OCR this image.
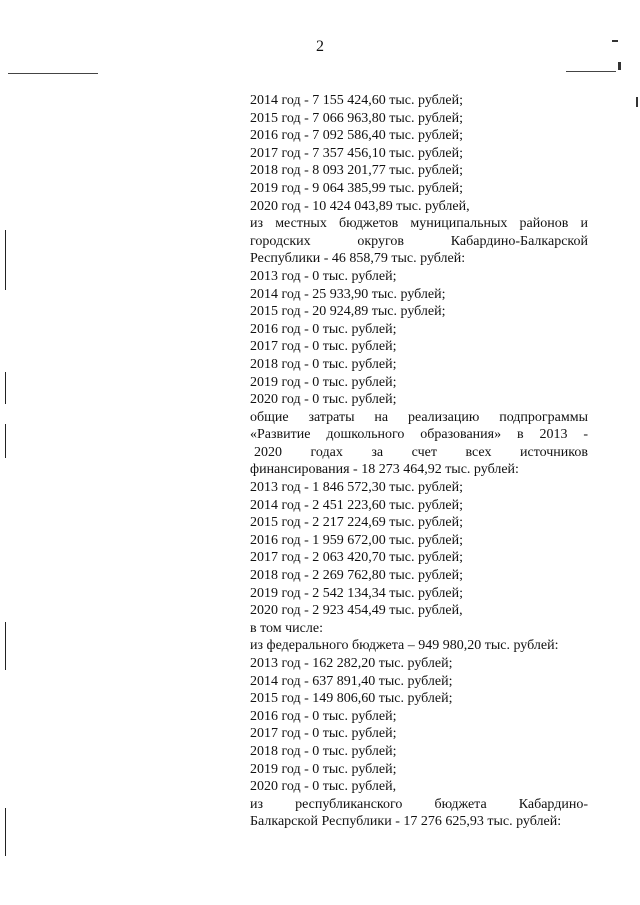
2
2014 год - 7 155 424,60 тыс. рублей;
2015 год - 7 066 963,80 тыс. рублей;
2016 год - 7 092 586,40 тыс. рублей;
2017 год - 7 357 456,10 тыс. рублей;
2018 год - 8 093 201,77 тыс. рублей;
2019 год - 9 064 385,99 тыс. рублей;
2020 год - 10 424 043,89 тыс. рублей,
из местных бюджетов муниципальных районов и
городских округов Кабардино-Балкарской
Республики - 46 858,79 тыс. рублей:
2013 год - 0 тыс. рублей;
2014 год - 25 933,90 тыс. рублей;
2015 год - 20 924,89 тыс. рублей;
2016 год - 0 тыс. рублей;
2017 год - 0 тыс. рублей;
2018 год - 0 тыс. рублей;
2019 год - 0 тыс. рублей;
2020 год - 0 тыс. рублей;
общие затраты на реализацию подпрограммы
«Развитие дошкольного образования» в 2013 -
2020 годах за счет всех источников
финансирования - 18 273 464,92 тыс. рублей:
2013 год - 1 846 572,30 тыс. рублей;
2014 год - 2 451 223,60 тыс. рублей;
2015 год - 2 217 224,69 тыс. рублей;
2016 год - 1 959 672,00 тыс. рублей;
2017 год - 2 063 420,70 тыс. рублей;
2018 год - 2 269 762,80 тыс. рублей;
2019 год - 2 542 134,34 тыс. рублей;
2020 год - 2 923 454,49 тыс. рублей,
в том числе:
из федерального бюджета – 949 980,20 тыс. рублей:
2013 год - 162 282,20 тыс. рублей;
2014 год - 637 891,40 тыс. рублей;
2015 год - 149 806,60 тыс. рублей;
2016 год - 0 тыс. рублей;
2017 год - 0 тыс. рублей;
2018 год - 0 тыс. рублей;
2019 год - 0 тыс. рублей;
2020 год - 0 тыс. рублей,
из республиканского бюджета Кабардино-
Балкарской Республики - 17 276 625,93 тыс. рублей:
